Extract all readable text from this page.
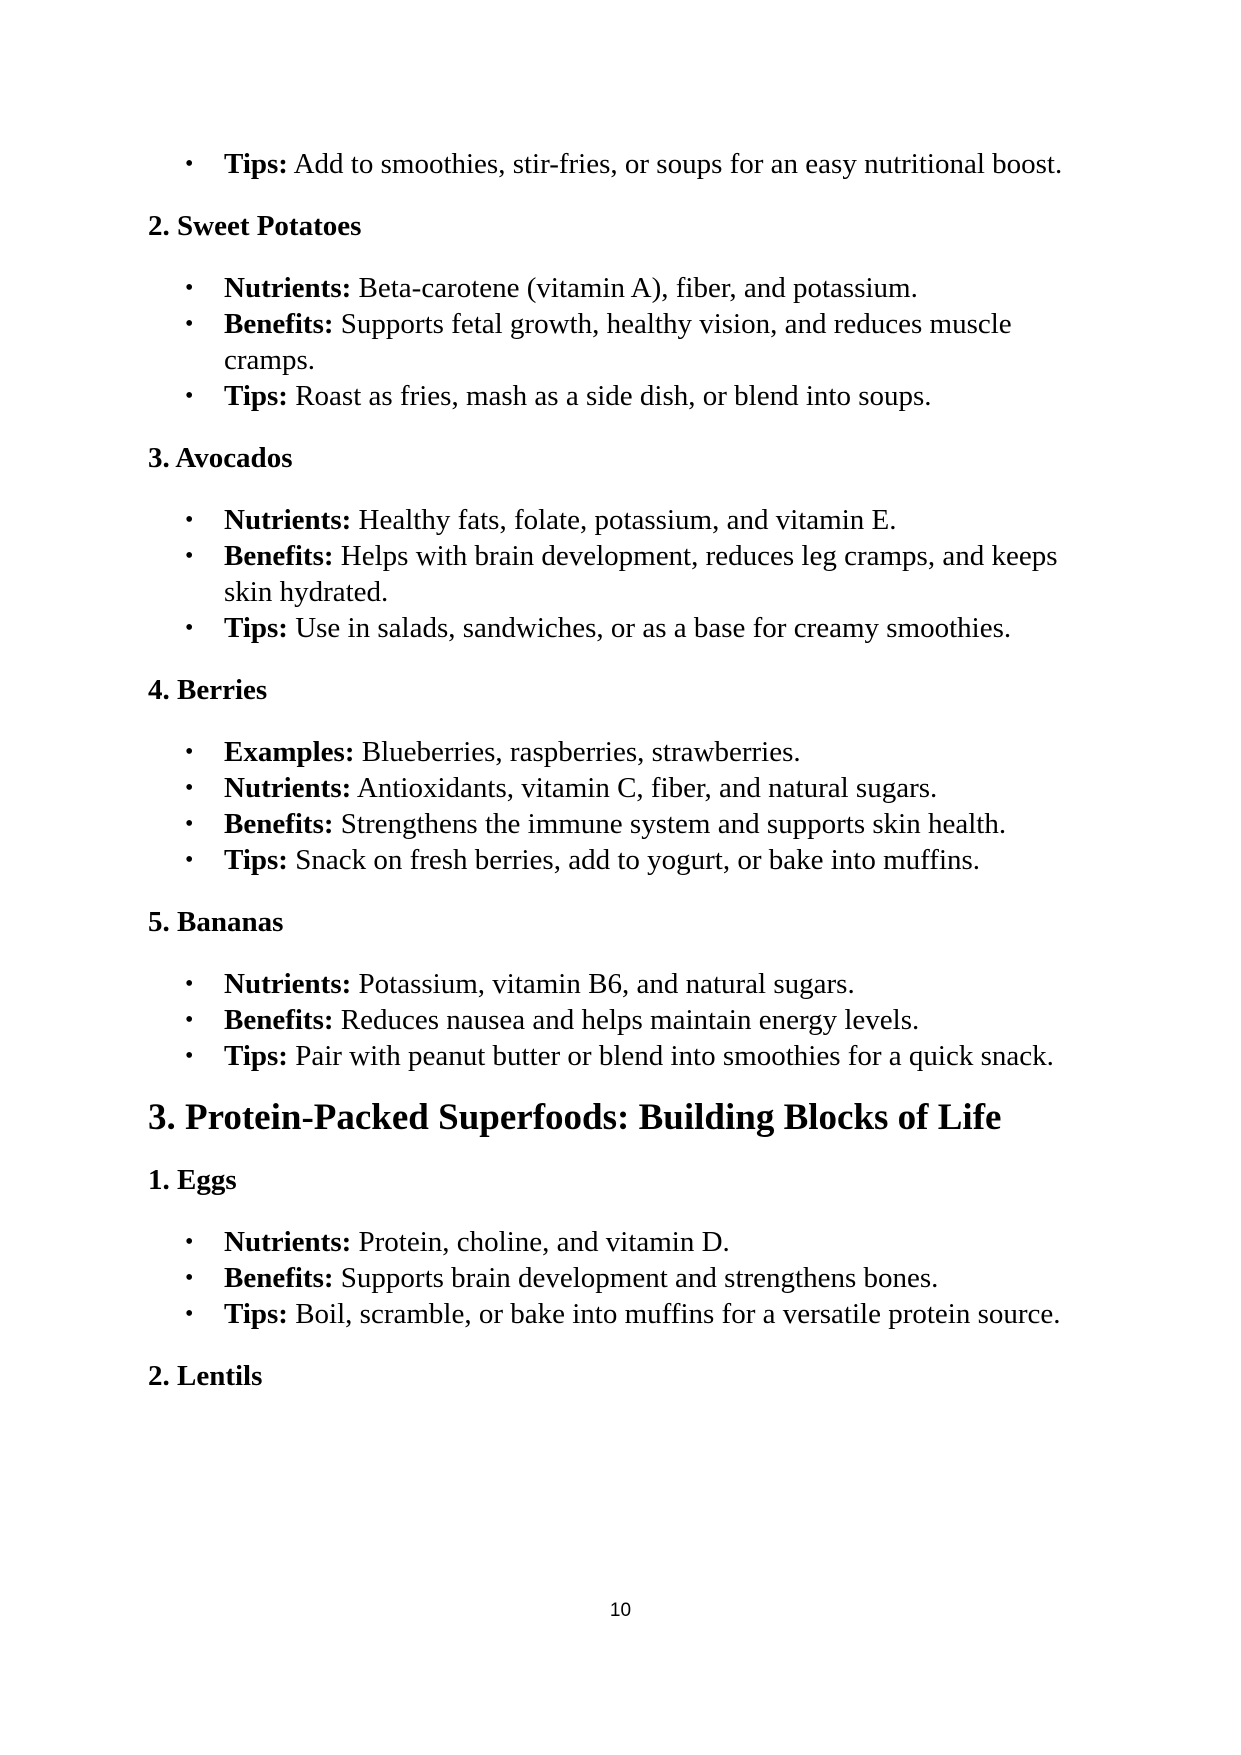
• Tips: Add to smoothies, stir-fries, or soups for an easy nutritional boost.
2. Sweet Potatoes
• Nutrients: Beta-carotene (vitamin A), fiber, and potassium.
• Benefits: Supports fetal growth, healthy vision, and reduces muscle cramps.
• Tips: Roast as fries, mash as a side dish, or blend into soups.
3. Avocados
• Nutrients: Healthy fats, folate, potassium, and vitamin E.
• Benefits: Helps with brain development, reduces leg cramps, and keeps skin hydrated.
• Tips: Use in salads, sandwiches, or as a base for creamy smoothies.
4. Berries
• Examples: Blueberries, raspberries, strawberries.
• Nutrients: Antioxidants, vitamin C, fiber, and natural sugars.
• Benefits: Strengthens the immune system and supports skin health.
• Tips: Snack on fresh berries, add to yogurt, or bake into muffins.
5. Bananas
• Nutrients: Potassium, vitamin B6, and natural sugars.
• Benefits: Reduces nausea and helps maintain energy levels.
• Tips: Pair with peanut butter or blend into smoothies for a quick snack.
3. Protein-Packed Superfoods: Building Blocks of Life
1. Eggs
• Nutrients: Protein, choline, and vitamin D.
• Benefits: Supports brain development and strengthens bones.
• Tips: Boil, scramble, or bake into muffins for a versatile protein source.
2. Lentils
10
